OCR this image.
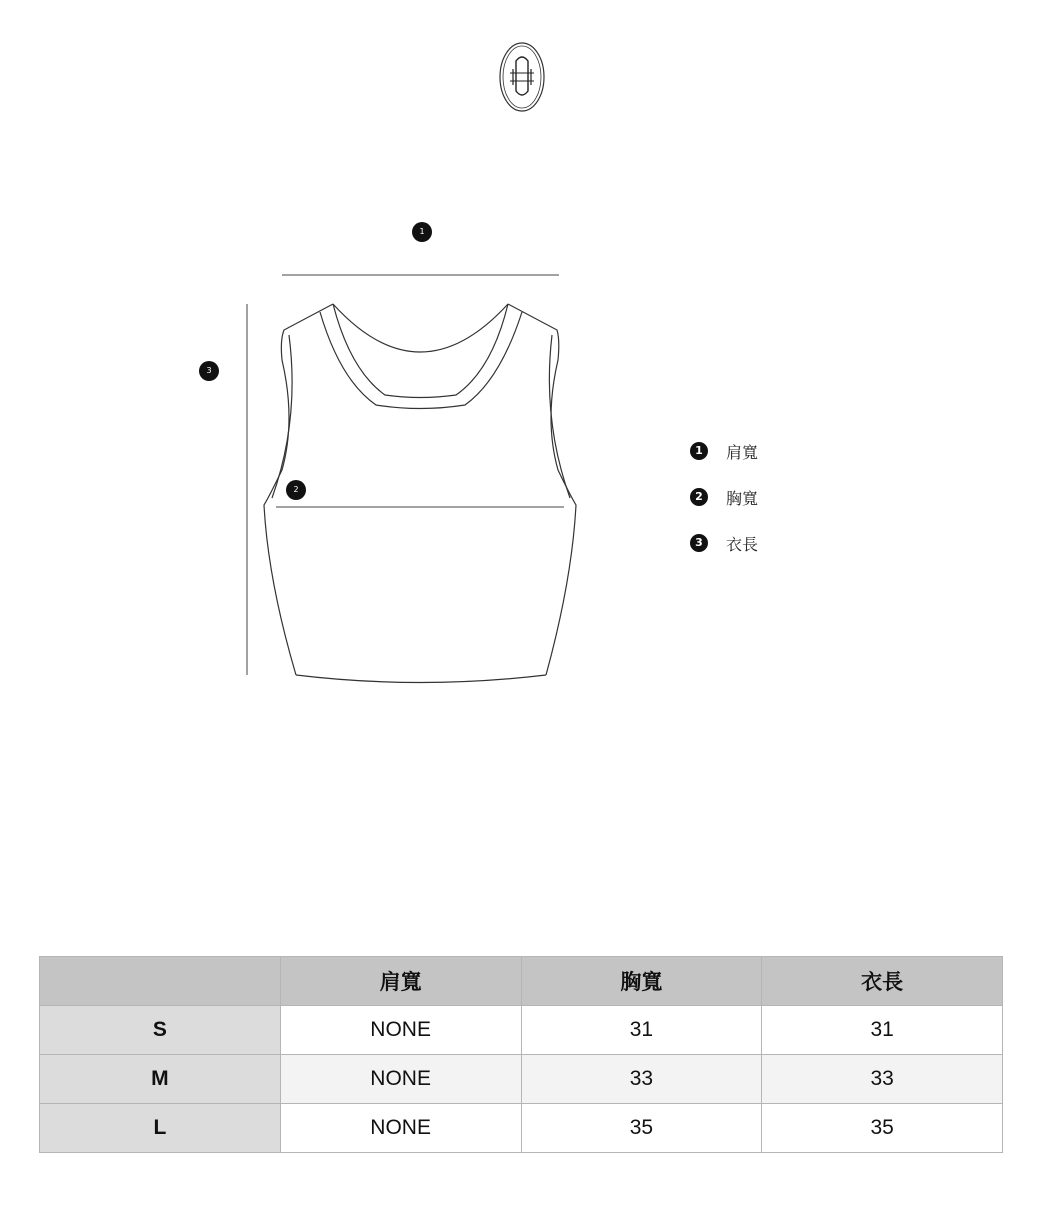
1
2
3
1	肩寬
2	胸寬
3	衣長
	肩寬	胸寬	衣長
S	NONE	31	31
M	NONE	33	33
L	NONE	35	35
